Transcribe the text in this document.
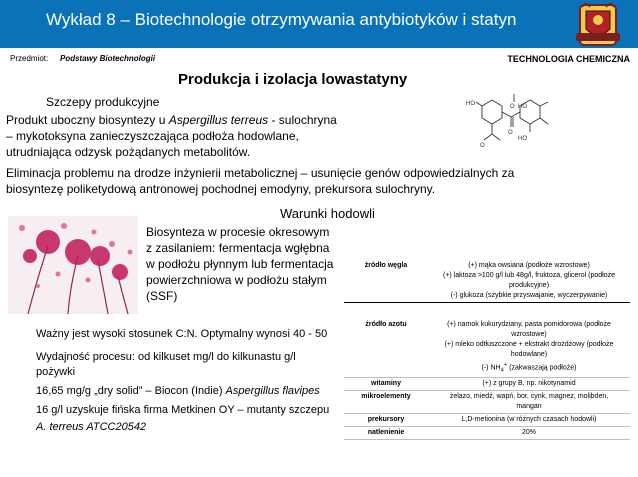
Wykład 8 – Biotechnologie otrzymywania antybiotyków i statyn
Przedmiot: Podstawy Biotechnologii	TECHNOLOGIA CHEMICZNA
Produkcja i izolacja lowastatyny
Szczepy produkcyjne
Produkt uboczny biosyntezy u Aspergillus terreus - sulochryna
– mykotoksyna zanieczyszczająca podłoża hodowlane,
utrudniająca odzysk pożądanych metabolitów.
HO	O HO
O
O
HO
Eliminacja problemu na drodze inżynierii metabolicznej – usunięcie genów odpowiedzialnych za
biosyntezę poliketydową antronowej pochodnej emodyny, prekursora sulochryny.
Warunki hodowli
Biosynteza w procesie okresowym
z zasilaniem: fermentacja wgłębna
w podłożu płynnym lub fermentacja
powierzchniowa w podłożu stałym
(SSF)
Ważny jest wysoki stosunek C:N. Optymalny wynosi 40 - 50
Wydajność procesu: od kilkuset mg/l do kilkunastu g/l
pożywki
16,65 mg/g „dry solid” – Biocon (Indie) Aspergillus flavipes
16 g/l uzyskuje fińska firma Metkinen OY – mutanty szczepu
A. terreus ATCC20542
źródło węgla	(+) mąka owsiana (podłoże wzrostowe)
(+) laktoza >100 g/l lub 48g/l, fruktoza, glicerol (podłoże
produkcyjne)
(-) glukoza (szybkie przyswajanie, wyczerpywanie)

źródło azotu	(+) namok kukurydziany, pasta pomidorowa (podłoże
wzrostowe)
(+) mleko odtłuszczone + ekstrakt drożdżowy (podłoże
hodowlane)
(-) $NH_4^+$ (zakwaszają podłoże)

witaminy	(+) z grupy B, np. nikotynamid
mikroelementy	żelazo, miedź, wapń, bor, cynk, magnez, molibden,
mangan

prekursory	L,D-metionina (w różnych czasach hodowli)
natlenienie	20%
